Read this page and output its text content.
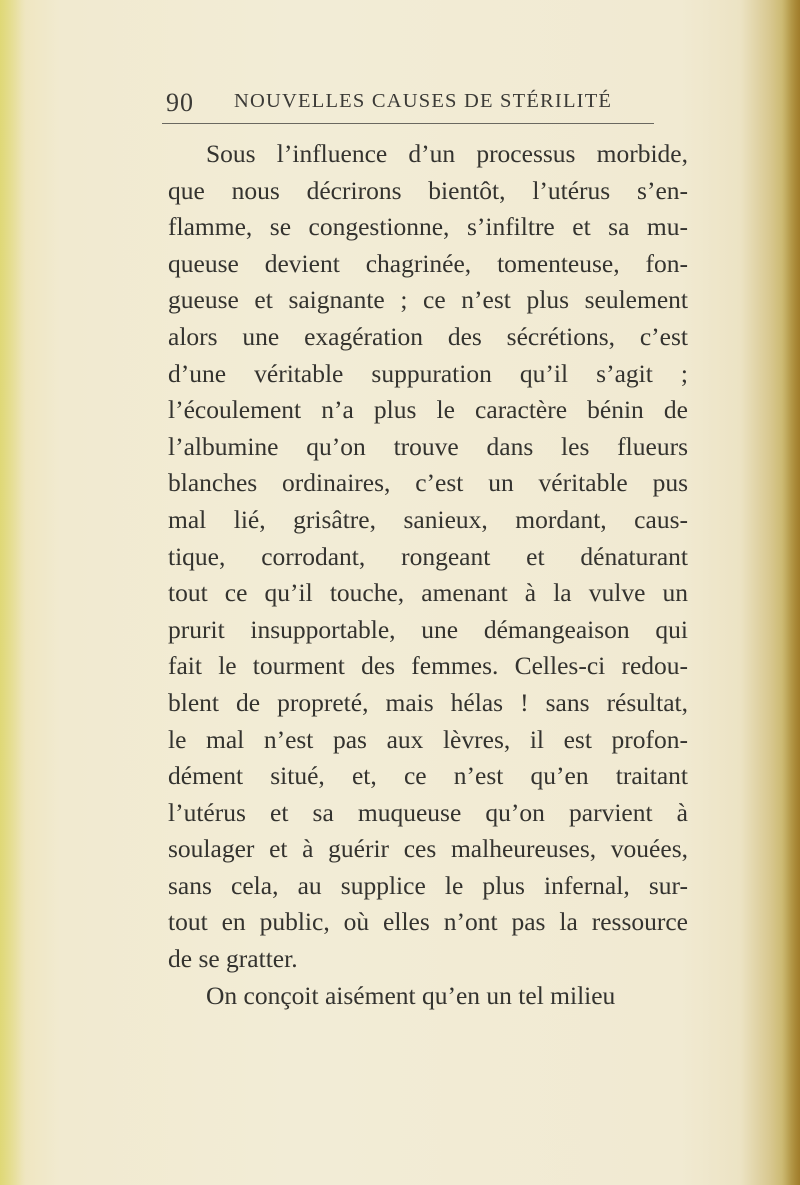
90 NOUVELLES CAUSES DE STÉRILITÉ
Sous l’influence d’un processus morbide,
que nous décrirons bientôt, l’utérus s’en-
flamme, se congestionne, s’infiltre et sa mu-
queuse devient chagrinée, tomenteuse, fon-
gueuse et saignante ; ce n’est plus seulement
alors une exagération des sécrétions, c’est
d’une véritable suppuration qu’il s’agit ;
l’écoulement n’a plus le caractère bénin de
l’albumine qu’on trouve dans les flueurs
blanches ordinaires, c’est un véritable pus
mal lié, grisâtre, sanieux, mordant, caus-
tique, corrodant, rongeant et dénaturant
tout ce qu’il touche, amenant à la vulve un
prurit insupportable, une démangeaison qui
fait le tourment des femmes. Celles-ci redou-
blent de propreté, mais hélas ! sans résultat,
le mal n’est pas aux lèvres, il est profon-
dément situé, et, ce n’est qu’en traitant
l’utérus et sa muqueuse qu’on parvient à
soulager et à guérir ces malheureuses, vouées,
sans cela, au supplice le plus infernal, sur-
tout en public, où elles n’ont pas la ressource
de se gratter.
On conçoit aisément qu’en un tel milieu
